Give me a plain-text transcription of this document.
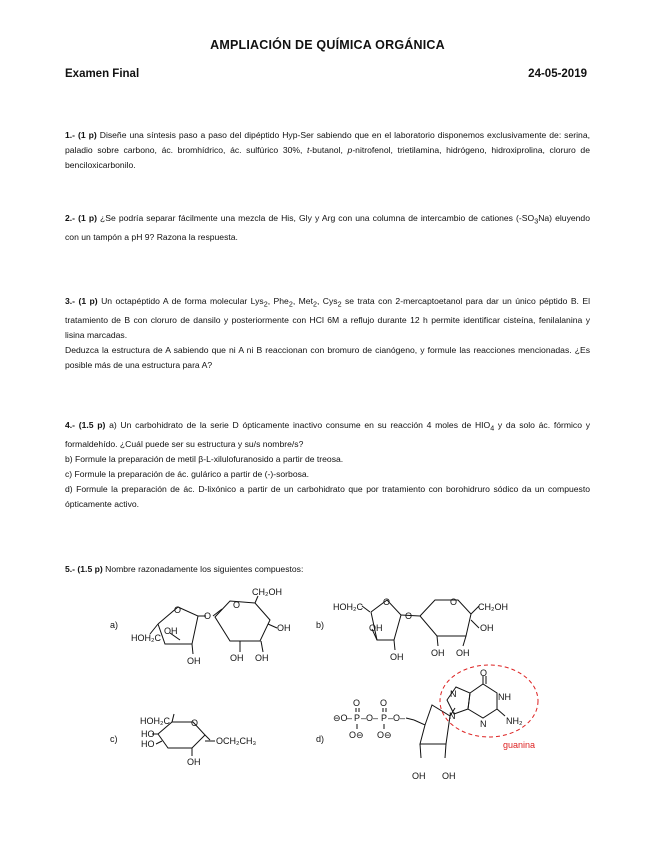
AMPLIACIÓN DE QUÍMICA ORGÁNICA
Examen Final	24-05-2019

1.- (1 p) Diseñe una síntesis paso a paso del dipéptido Hyp-Ser sabiendo que en el laboratorio disponemos exclusivamente de: serina, paladio sobre carbono, ác. bromhídrico, ác. sulfúrico 30%, t-butanol, p-nitrofenol, trietilamina, hidrógeno, hidroxiprolina, cloruro de benciloxicarbonilo.

2.- (1 p) ¿Se podría separar fácilmente una mezcla de His, Gly y Arg con una columna de intercambio de cationes $(-SO_3Na)$ eluyendo con un tampón a pH 9? Razona la respuesta.

3.- (1 p) Un octapéptido A de forma molecular Lys$_2$, Phe$_2$, Met$_2$, Cys$_2$ se trata con 2-mercaptoetanol para dar un único péptido B. El tratamiento de B con cloruro de dansilo y posteriormente con HCl 6M a reflujo durante 12 h permite identificar cisteína, fenilalanina y lisina marcadas.

Deduzca la estructura de A sabiendo que ni A ni B reaccionan con bromuro de cianógeno, y formule las reacciones mencionadas. ¿Es posible más de una estructura para A?

4.- (1.5 p) a) Un carbohidrato de la serie D ópticamente inactivo consume en su reacción 4 moles de $HIO_4$ y da solo ác. fórmico y formaldehído. ¿Cuál puede ser su estructura y su/s nombre/s?

b) Formule la preparación de metil β-L-xilulofuranosido a partir de treosa.

c) Formule la preparación de ác. gulárico a partir de (-)-sorbosa.

d) Formule la preparación de ác. D-lixónico a partir de un carbohidrato que por tratamiento con borohidruro sódico da un compuesto ópticamente activo.

5.- (1.5 p) Nombre razonadamente los siguientes compuestos:

a)	b)
c)	d)
O
O
O
CH₂OH
OH
HOH₂C
OH	OH OH
OH
HOH₂C O
O
O CH₂OH
OH
OH
OH	OH OH
HOH₂C O
HO
HO
OH
OCH₂CH₃
⊖O – P –O– P –O–
O O
O⊖ O⊖
OH OH
O
N
N
N
NH
NH₂
guanina
